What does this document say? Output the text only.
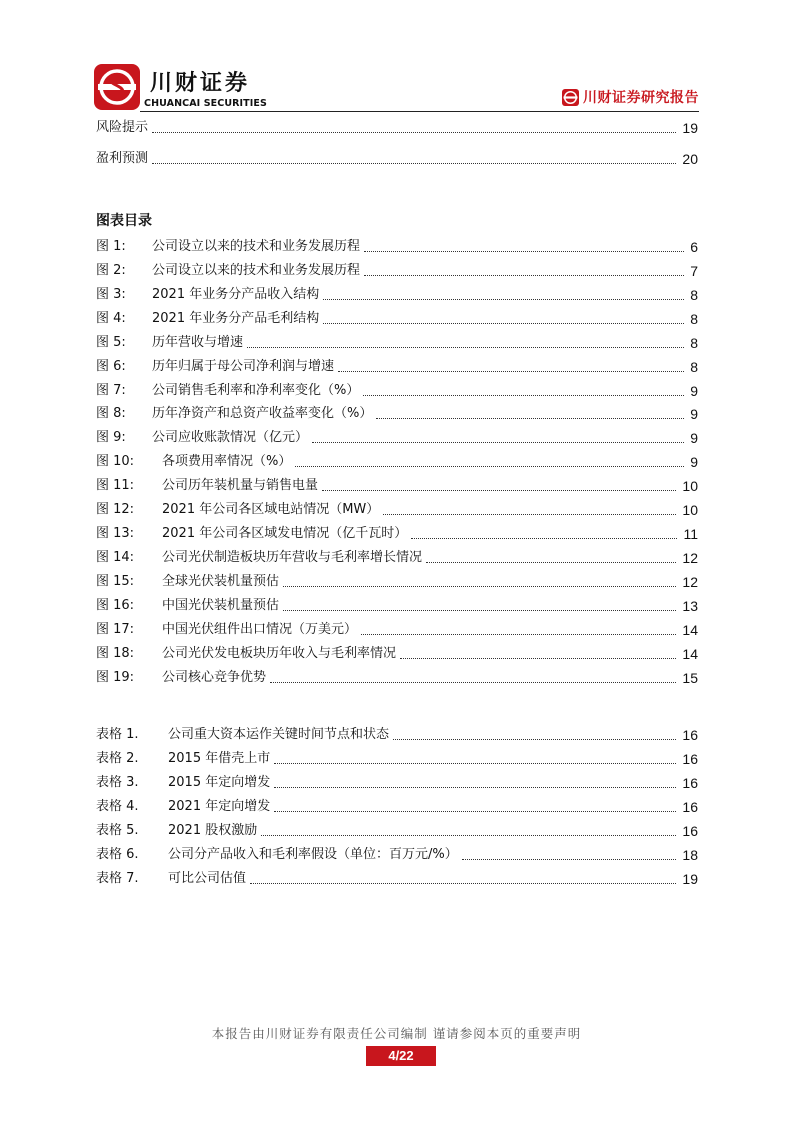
川财证券
CHUANCAI SECURITIES	川财证券研究报告
风险提示	19
盈利预测	20
图表目录
图 1:	公司设立以来的技术和业务发展历程	6
图 2:	公司设立以来的技术和业务发展历程	7
图 3:	2021 年业务分产品收入结构	8
图 4:	2021 年业务分产品毛利结构	8
图 5:	历年营收与增速	8
图 6:	历年归属于母公司净利润与增速	8
图 7:	公司销售毛利率和净利率变化（%）	9
图 8:	历年净资产和总资产收益率变化（%）	9
图 9:	公司应收账款情况（亿元）	9
图 10:	各项费用率情况（%）	9
图 11:	公司历年装机量与销售电量	10
图 12:	2021 年公司各区域电站情况（MW）	10
图 13:	2021 年公司各区域发电情况（亿千瓦时）	11
图 14:	公司光伏制造板块历年营收与毛利率增长情况	12
图 15:	全球光伏装机量预估	12
图 16:	中国光伏装机量预估	13
图 17:	中国光伏组件出口情况（万美元）	14
图 18:	公司光伏发电板块历年收入与毛利率情况	14
图 19:	公司核心竞争优势	15
表格 1.	公司重大资本运作关键时间节点和状态	16
表格 2.	2015 年借壳上市	16
表格 3.	2015 年定向增发	16
表格 4.	2021 年定向增发	16
表格 5.	2021 股权激励	16
表格 6.	公司分产品收入和毛利率假设（单位：百万元/%）	18
表格 7.	可比公司估值	19
本报告由川财证券有限责任公司编制 谨请参阅本页的重要声明
4/22
